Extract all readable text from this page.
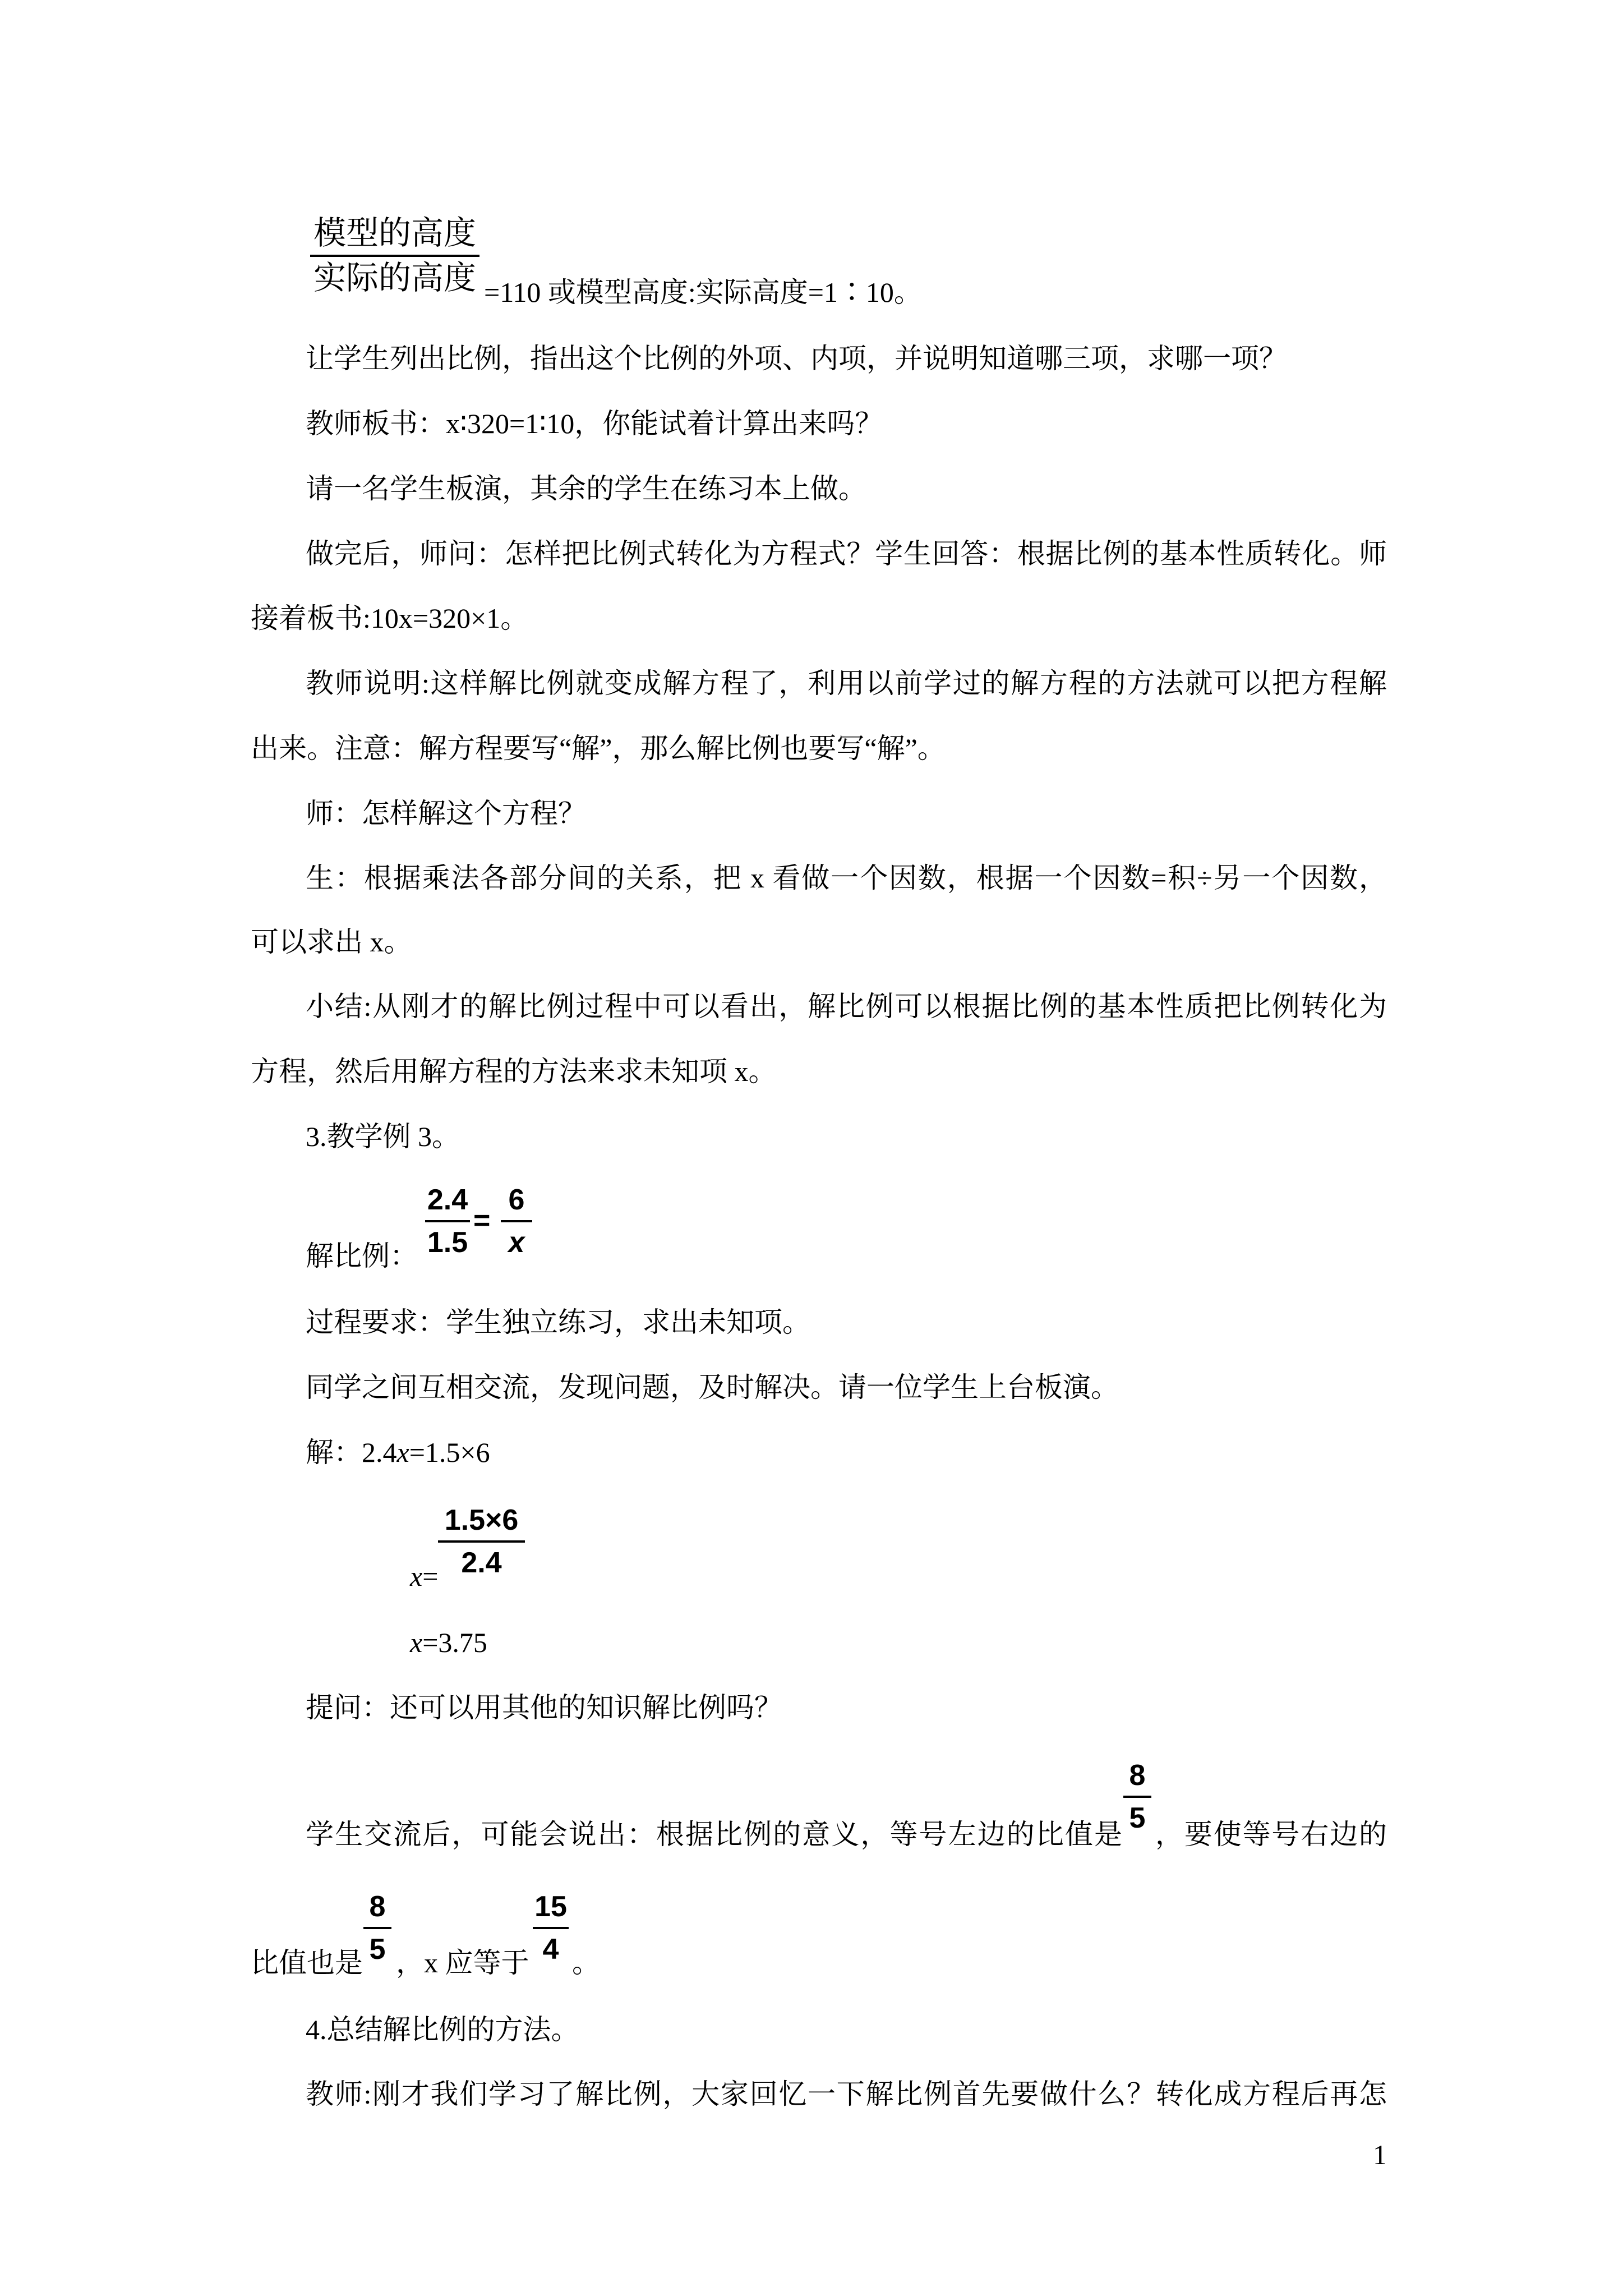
模型的高度
实际的高度 =110 或模型高度:实际高度=1∶10。
让学生列出比例，指出这个比例的外项、内项，并说明知道哪三项，求哪一项？
教师板书：x∶320=1∶10，你能试着计算出来吗？
请一名学生板演，其余的学生在练习本上做。
做完后，师问：怎样把比例式转化为方程式？学生回答：根据比例的基本性质转化。师
接着板书:10x=320×1。
教师说明:这样解比例就变成解方程了，利用以前学过的解方程的方法就可以把方程解
出来。注意：解方程要写“解”，那么解比例也要写“解”。
师：怎样解这个方程？
生：根据乘法各部分间的关系，把 x 看做一个因数，根据一个因数=积÷另一个因数，
可以求出 x。
小结:从刚才的解比例过程中可以看出，解比例可以根据比例的基本性质把比例转化为
方程，然后用解方程的方法来求未知项 x。
3.教学例 3。
2.4
1.5
=
6
x
解比例：
过程要求：学生独立练习，求出未知项。
同学之间互相交流，发现问题，及时解决。请一位学生上台板演。
解：2.4x=1.5×6
1.5×6
2.4
x=
x=3.75
提问：还可以用其他的知识解比例吗？
学生交流后，可能会说出：根据比例的意义，等号左边的比值是
8
5 ，要使等号右边的
比值也是
8
5 ，x 应等于
15
4 。
4.总结解比例的方法。
教师:刚才我们学习了解比例，大家回忆一下解比例首先要做什么？转化成方程后再怎
1
